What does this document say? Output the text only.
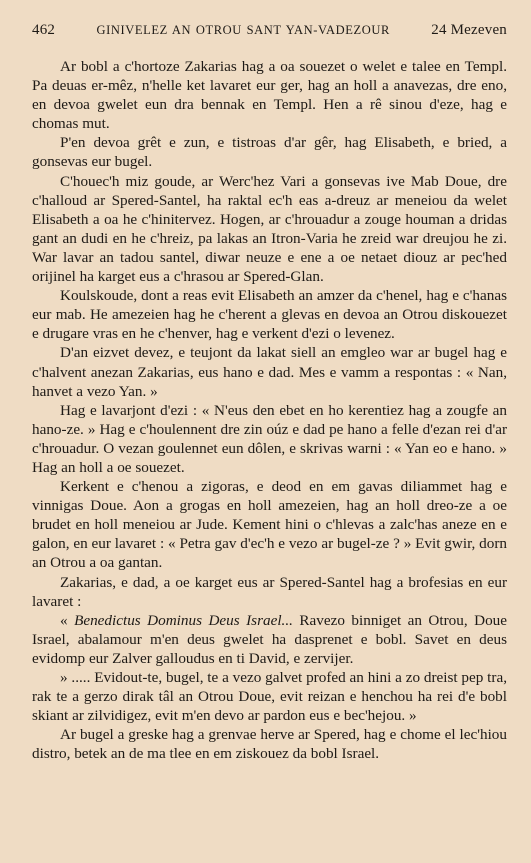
462	GINIVELEZ AN OTROU SANT YAN-VADEZOUR	24 Mezeven

Ar bobl a c'hortoze Zakarias hag a oa souezet o welet e talee en Templ. Pa deuas er-mêz, n'helle ket lavaret eur ger, hag an holl a anavezas, dre eno, en devoa gwelet eun dra bennak en Templ. Hen a rê sinou d'eze, hag e chomas mut.

P'en devoa grêt e zun, e tistroas d'ar gêr, hag Elisabeth, e bried, a gonsevas eur bugel.

C'houec'h miz goude, ar Werc'hez Vari a gonsevas ive Mab Doue, dre c'halloud ar Spered-Santel, ha raktal ec'h eas a-dreuz ar meneiou da welet Elisabeth a oa he c'hinitervez. Hogen, ar c'hrouadur a zouge houman a dridas gant an dudi en he c'hreiz, pa lakas an Itron-Varia he zreid war dreujou he zi. War lavar an tadou santel, diwar neuze e ene a oe netaet diouz ar pec'hed orijinel ha karget eus a c'hrasou ar Spered-Glan.

Koulskoude, dont a reas evit Elisabeth an amzer da c'henel, hag e c'hanas eur mab. He amezeien hag he c'herent a glevas en devoa an Otrou diskouezet e drugare vras en he c'henver, hag e verkent d'ezi o levenez.

D'an eizvet devez, e teujont da lakat siell an emgleo war ar bugel hag e c'halvent anezan Zakarias, eus hano e dad. Mes e vamm a respontas : « Nan, hanvet a vezo Yan. »

Hag e lavarjont d'ezi : « N'eus den ebet en ho kerentiez hag a zougfe an hano-ze. » Hag e c'houlennent dre zin oúz e dad pe hano a felle d'ezan rei d'ar c'hrouadur. O vezan goulennet eun dôlen, e skrivas warni : « Yan eo e hano. » Hag an holl a oe souezet.

Kerkent e c'henou a zigoras, e deod en em gavas diliammet hag e vinnigas Doue. Aon a grogas en holl amezeien, hag an holl dreo-ze a oe brudet en holl meneiou ar Jude. Kement hini o c'hlevas a zalc'has aneze en e galon, en eur lavaret : « Petra gav d'ec'h e vezo ar bugel-ze ? » Evit gwir, dorn an Otrou a oa gantan.

Zakarias, e dad, a oe karget eus ar Spered-Santel hag a brofesias en eur lavaret :

« Benedictus Dominus Deus Israel... Ravezo binniget an Otrou, Doue Israel, abalamour m'en deus gwelet ha dasprenet e bobl. Savet en deus evidomp eur Zalver galloudus en ti David, e zervijer.

» ..... Evidout-te, bugel, te a vezo galvet profed an hini a zo dreist pep tra, rak te a gerzo dirak tâl an Otrou Doue, evit reizan e henchou ha rei d'e bobl skiant ar zilvidigez, evit m'en devo ar pardon eus e bec'hejou. »

Ar bugel a greske hag a grenvae herve ar Spered, hag e chome el lec'hiou distro, betek an de ma tlee en em ziskouez da bobl Israel.
